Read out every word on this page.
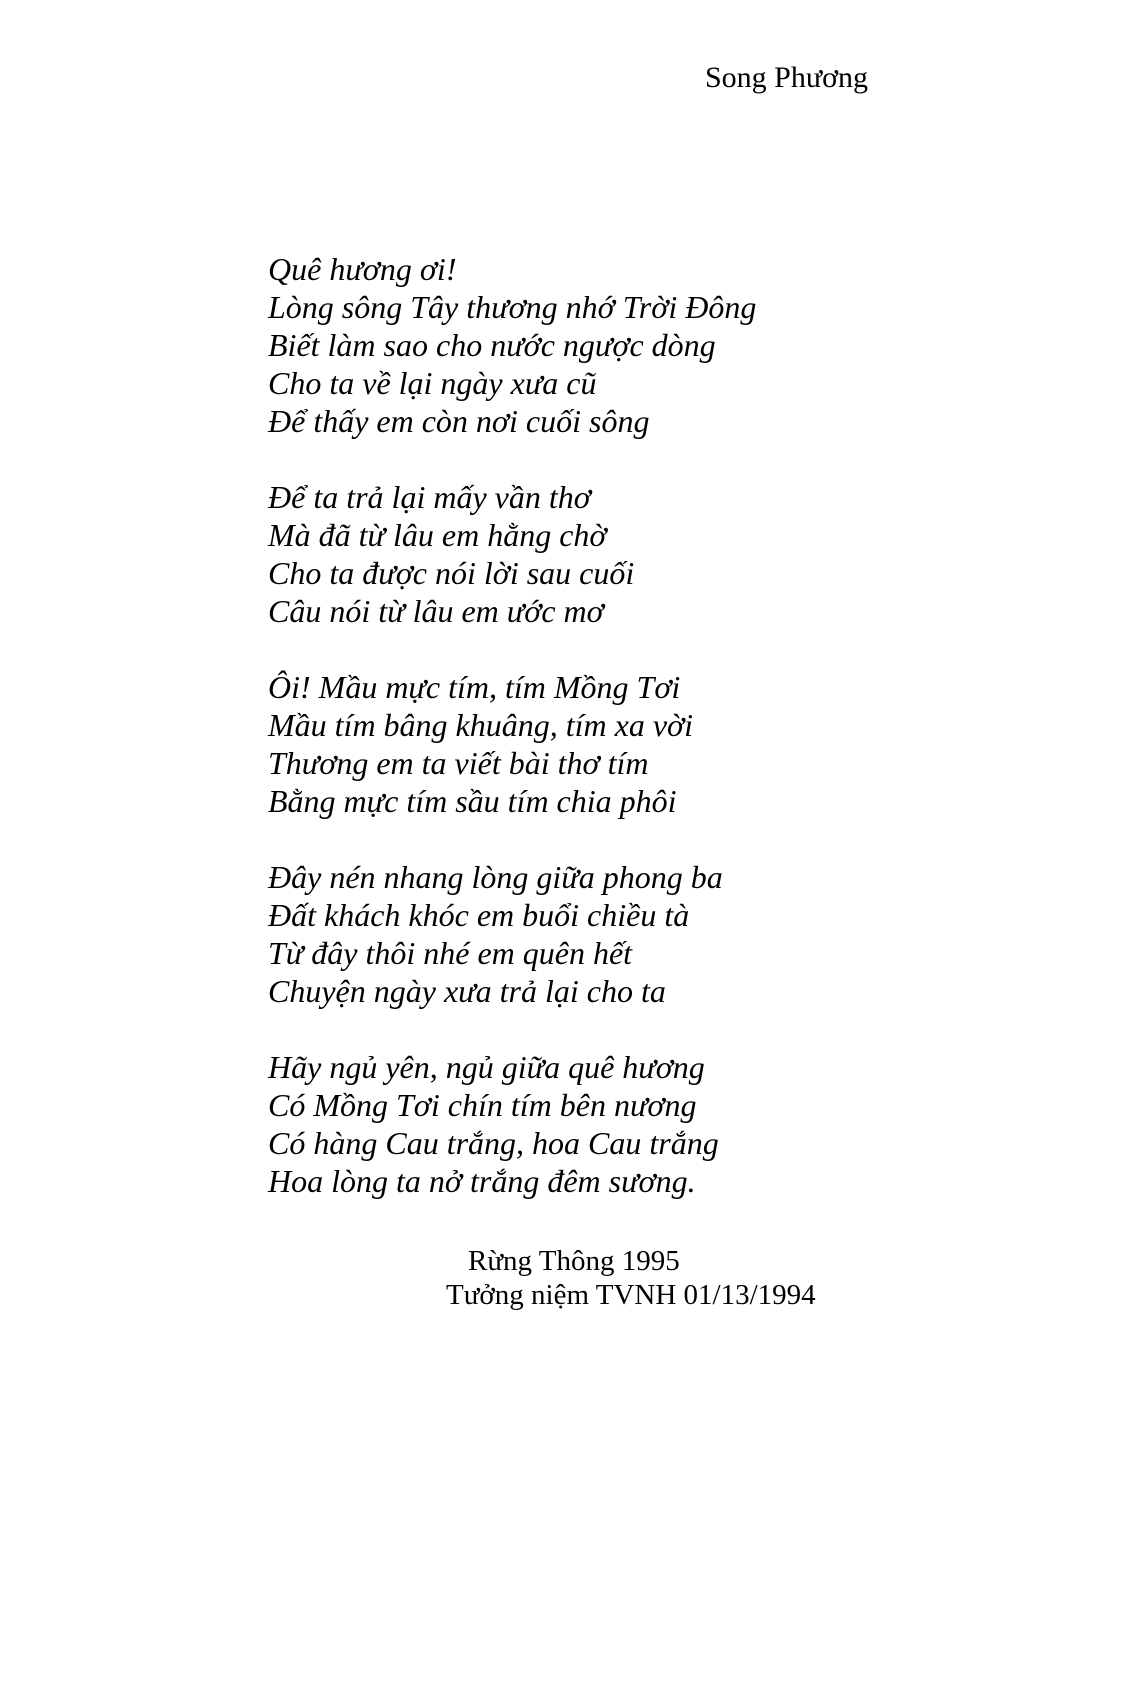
Song Phương
Quê hương ơi!
Lòng sông Tây thương nhớ Trời Đông
Biết làm sao cho nước ngược dòng
Cho ta về lại ngày xưa cũ
Để thấy em còn nơi cuối sông
Để ta trả lại mấy vần thơ
Mà đã từ lâu em hằng chờ
Cho ta được nói lời sau cuối
Câu nói từ lâu em ước mơ
Ôi! Mầu mực tím, tím Mồng Tơi
Mầu tím bâng khuâng, tím xa vời
Thương em ta viết bài thơ tím
Bằng mực tím sầu tím chia phôi
Đây nén nhang lòng giữa phong ba
Đất khách khóc em buổi chiều tà
Từ đây thôi nhé em quên hết
Chuyện ngày xưa trả lại cho ta
Hãy ngủ yên, ngủ giữa quê hương
Có Mồng Tơi chín tím bên nương
Có hàng Cau trắng, hoa Cau trắng
Hoa lòng ta nở trắng đêm sương.
Rừng Thông 1995
Tưởng niệm TVNH 01/13/1994
